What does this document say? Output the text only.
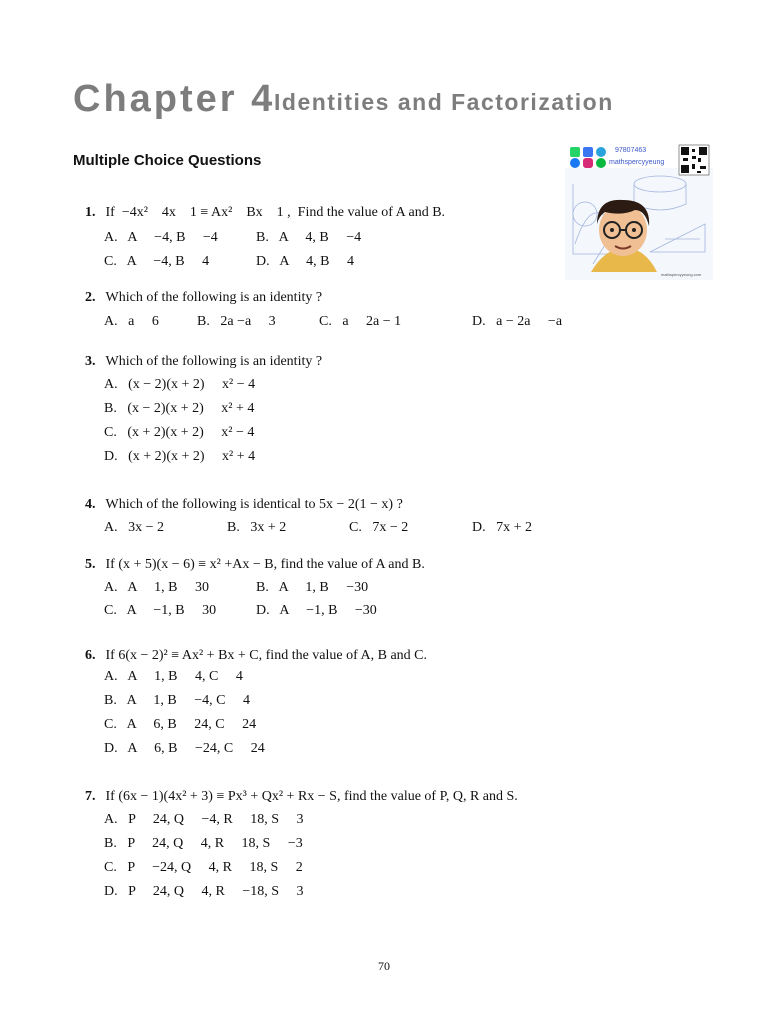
Chapter 4
Identities and Factorization
Multiple Choice Questions
97807463
mathspercyyeung
mathspercyyeung.com
1. If  −4x²    4x    1 ≡ Ax²    Bx    1 ,  Find the value of A and B.
A.   A     −4, B     −4	B.   A     4, B     −4
C.   A     −4, B     4	D.   A     4, B     4
2. Which of the following is an identity ?
A.   a     6	B.   2a −a     3	C.   a     2a − 1	D.   a − 2a     −a
3. Which of the following is an identity ?
A.   (x − 2)(x + 2)     x² − 4
B.   (x − 2)(x + 2)     x² + 4
C.   (x + 2)(x + 2)     x² − 4
D.   (x + 2)(x + 2)     x² + 4
4. Which of the following is identical to 5x − 2(1 − x) ?
A.   3x − 2	B.   3x + 2	C.   7x − 2	D.   7x + 2
5. If (x + 5)(x − 6) ≡ x² +Ax − B, find the value of A and B.
A.   A     1, B     30	B.   A     1, B     −30
C.   A     −1, B     30	D.   A     −1, B     −30
6. If 6(x − 2)² ≡ Ax² + Bx + C, find the value of A, B and C.
A.   A     1, B     4, C     4
B.   A     1, B     −4, C     4
C.   A     6, B     24, C     24
D.   A     6, B     −24, C     24
7. If (6x − 1)(4x² + 3) ≡ Px³ + Qx² + Rx − S, find the value of P, Q, R and S.
A.   P     24, Q     −4, R     18, S     3
B.   P     24, Q     4, R     18, S     −3
C.   P     −24, Q     4, R     18, S     2
D.   P     24, Q     4, R     −18, S     3
70
